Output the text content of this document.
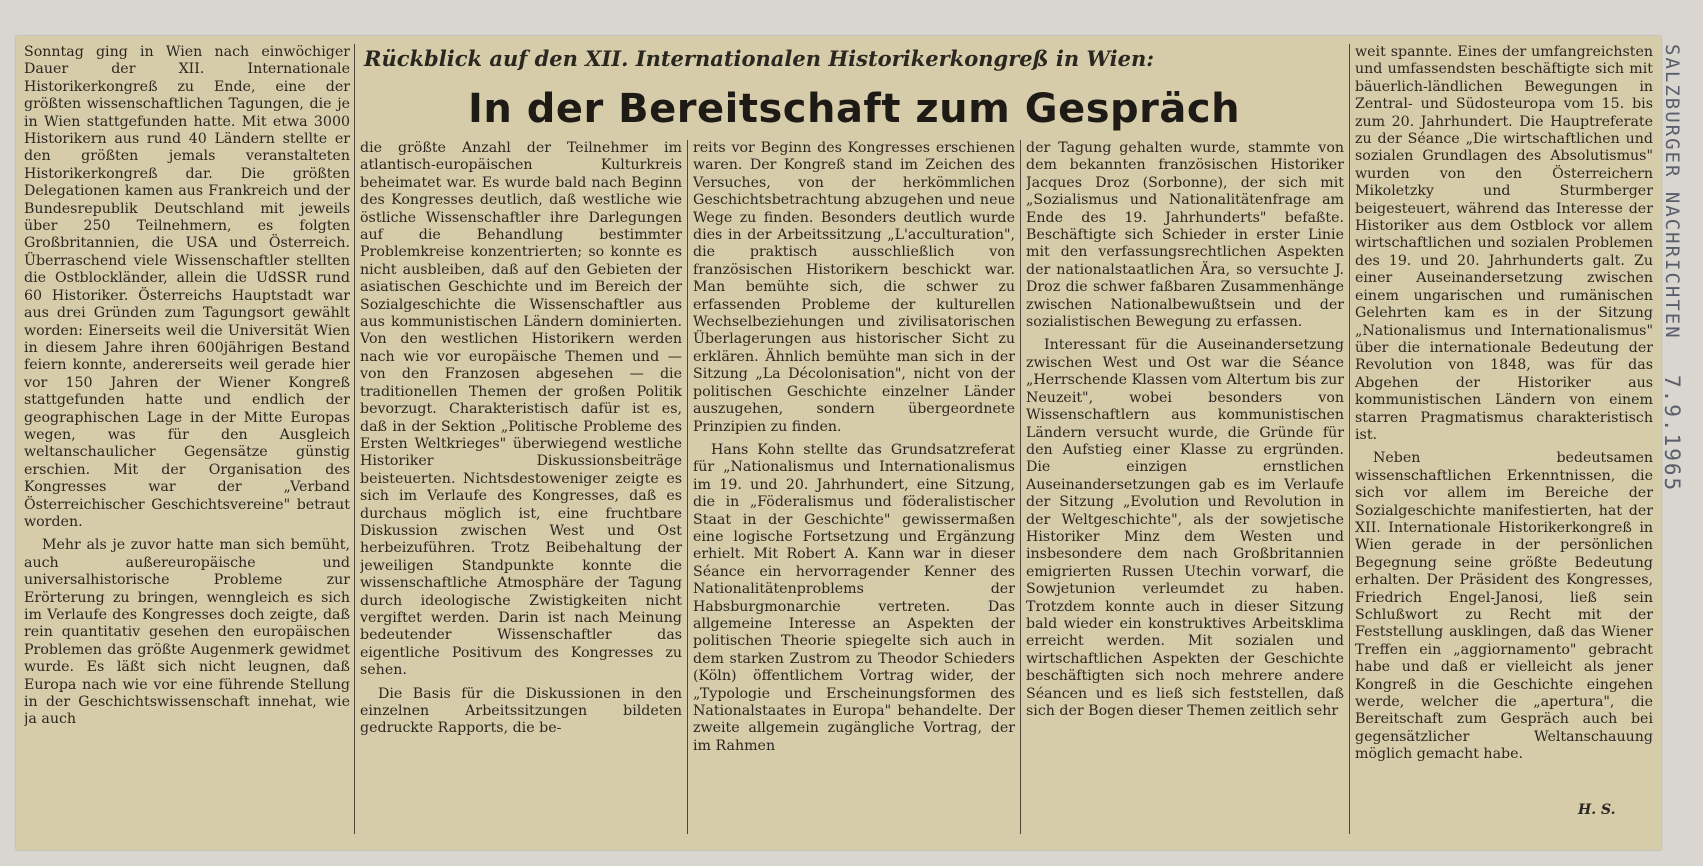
Sonntag ging in Wien nach einwöchiger Dauer der XII. Internationale Historikerkongreß zu Ende, eine der größten wissenschaftlichen Tagungen, die je in Wien stattgefunden hatte. Mit etwa 3000 Historikern aus rund 40 Ländern stellte er den größten jemals veranstalteten Historikerkongreß dar. Die größten Delegationen kamen aus Frankreich und der Bundesrepublik Deutschland mit jeweils über 250 Teilnehmern, es folgten Großbritannien, die USA und Österreich. Überraschend viele Wissenschaftler stellten die Ostblockländer, allein die UdSSR rund 60 Historiker. Österreichs Hauptstadt war aus drei Gründen zum Tagungsort gewählt worden: Einerseits weil die Universität Wien in diesem Jahre ihren 600jährigen Bestand feiern konnte, andererseits weil gerade hier vor 150 Jahren der Wiener Kongreß stattgefunden hatte und endlich der geographischen Lage in der Mitte Europas wegen, was für den Ausgleich weltanschaulicher Gegensätze günstig erschien. Mit der Organisation des Kongresses war der „Verband Österreichischer Geschichtsvereine" betraut worden.

Mehr als je zuvor hatte man sich bemüht, auch außereuropäische und universalhistorische Probleme zur Erörterung zu bringen, wenngleich es sich im Verlaufe des Kongresses doch zeigte, daß rein quantitativ gesehen den europäischen Problemen das größte Augenmerk gewidmet wurde. Es läßt sich nicht leugnen, daß Europa nach wie vor eine führende Stellung in der Geschichtswissenschaft innehat, wie ja auch

Rückblick auf den XII. Internationalen Historikerkongreß in Wien:
In der Bereitschaft zum Gespräch

die größte Anzahl der Teilnehmer im atlantisch-europäischen Kulturkreis beheimatet war. Es wurde bald nach Beginn des Kongresses deutlich, daß westliche wie östliche Wissenschaftler ihre Darlegungen auf die Behandlung bestimmter Problemkreise konzentrierten; so konnte es nicht ausbleiben, daß auf den Gebieten der asiatischen Geschichte und im Bereich der Sozialgeschichte die Wissenschaftler aus aus kommunistischen Ländern dominierten. Von den westlichen Historikern werden nach wie vor europäische Themen und — von den Franzosen abgesehen — die traditionellen Themen der großen Politik bevorzugt. Charakteristisch dafür ist es, daß in der Sektion „Politische Probleme des Ersten Weltkrieges" überwiegend westliche Historiker Diskussionsbeiträge beisteuerten. Nichtsdestoweniger zeigte es sich im Verlaufe des Kongresses, daß es durchaus möglich ist, eine fruchtbare Diskussion zwischen West und Ost herbeizuführen. Trotz Beibehaltung der jeweiligen Standpunkte konnte die wissenschaftliche Atmosphäre der Tagung durch ideologische Zwistigkeiten nicht vergiftet werden. Darin ist nach Meinung bedeutender Wissenschaftler das eigentliche Positivum des Kongresses zu sehen.

Die Basis für die Diskussionen in den einzelnen Arbeitssitzungen bildeten gedruckte Rapports, die be-

reits vor Beginn des Kongresses erschienen waren. Der Kongreß stand im Zeichen des Versuches, von der herkömmlichen Geschichtsbetrachtung abzugehen und neue Wege zu finden. Besonders deutlich wurde dies in der Arbeitssitzung „L'acculturation", die praktisch ausschließlich von französischen Historikern beschickt war. Man bemühte sich, die schwer zu erfassenden Probleme der kulturellen Wechselbeziehungen und zivilisatorischen Überlagerungen aus historischer Sicht zu erklären. Ähnlich bemühte man sich in der Sitzung „La Décolonisation", nicht von der politischen Geschichte einzelner Länder auszugehen, sondern übergeordnete Prinzipien zu finden.

Hans Kohn stellte das Grundsatzreferat für „Nationalismus und Internationalismus im 19. und 20. Jahrhundert, eine Sitzung, die in „Föderalismus und föderalistischer Staat in der Geschichte" gewissermaßen eine logische Fortsetzung und Ergänzung erhielt. Mit Robert A. Kann war in dieser Séance ein hervorragender Kenner des Nationalitätenproblems der Habsburgmonarchie vertreten. Das allgemeine Interesse an Aspekten der politischen Theorie spiegelte sich auch in dem starken Zustrom zu Theodor Schieders (Köln) öffentlichem Vortrag wider, der „Typologie und Erscheinungsformen des Nationalstaates in Europa" behandelte. Der zweite allgemein zugängliche Vortrag, der im Rahmen

der Tagung gehalten wurde, stammte von dem bekannten französischen Historiker Jacques Droz (Sorbonne), der sich mit „Sozialismus und Nationalitätenfrage am Ende des 19. Jahrhunderts" befaßte. Beschäftigte sich Schieder in erster Linie mit den verfassungsrechtlichen Aspekten der nationalstaatlichen Ära, so versuchte J. Droz die schwer faßbaren Zusammenhänge zwischen Nationalbewußtsein und der sozialistischen Bewegung zu erfassen.

Interessant für die Auseinandersetzung zwischen West und Ost war die Séance „Herrschende Klassen vom Altertum bis zur Neuzeit", wobei besonders von Wissenschaftlern aus kommunistischen Ländern versucht wurde, die Gründe für den Aufstieg einer Klasse zu ergründen. Die einzigen ernstlichen Auseinandersetzungen gab es im Verlaufe der Sitzung „Evolution und Revolution in der Weltgeschichte", als der sowjetische Historiker Minz dem Westen und insbesondere dem nach Großbritannien emigrierten Russen Utechin vorwarf, die Sowjetunion verleumdet zu haben. Trotzdem konnte auch in dieser Sitzung bald wieder ein konstruktives Arbeitsklima erreicht werden. Mit sozialen und wirtschaftlichen Aspekten der Geschichte beschäftigten sich noch mehrere andere Séancen und es ließ sich feststellen, daß sich der Bogen dieser Themen zeitlich sehr

weit spannte. Eines der umfangreichsten und umfassendsten beschäftigte sich mit bäuerlich-ländlichen Bewegungen in Zentral- und Südosteuropa vom 15. bis zum 20. Jahrhundert. Die Hauptreferate zu der Séance „Die wirtschaftlichen und sozialen Grundlagen des Absolutismus" wurden von den Österreichern Mikoletzky und Sturmberger beigesteuert, während das Interesse der Historiker aus dem Ostblock vor allem wirtschaftlichen und sozialen Problemen des 19. und 20. Jahrhunderts galt. Zu einer Auseinandersetzung zwischen einem ungarischen und rumänischen Gelehrten kam es in der Sitzung „Nationalismus und Internationalismus" über die internationale Bedeutung der Revolution von 1848, was für das Abgehen der Historiker aus kommunistischen Ländern von einem starren Pragmatismus charakteristisch ist.

Neben bedeutsamen wissenschaftlichen Erkenntnissen, die sich vor allem im Bereiche der Sozialgeschichte manifestierten, hat der XII. Internationale Historikerkongreß in Wien gerade in der persönlichen Begegnung seine größte Bedeutung erhalten. Der Präsident des Kongresses, Friedrich Engel-Janosi, ließ sein Schlußwort zu Recht mit der Feststellung ausklingen, daß das Wiener Treffen ein „aggiornamento" gebracht habe und daß er vielleicht als jener Kongreß in die Geschichte eingehen werde, welcher die „apertura", die Bereitschaft zum Gespräch auch bei gegensätzlicher Weltanschauung möglich gemacht habe.

H. S.
SALZBURGER NACHRICHTEN 7.9.1965
